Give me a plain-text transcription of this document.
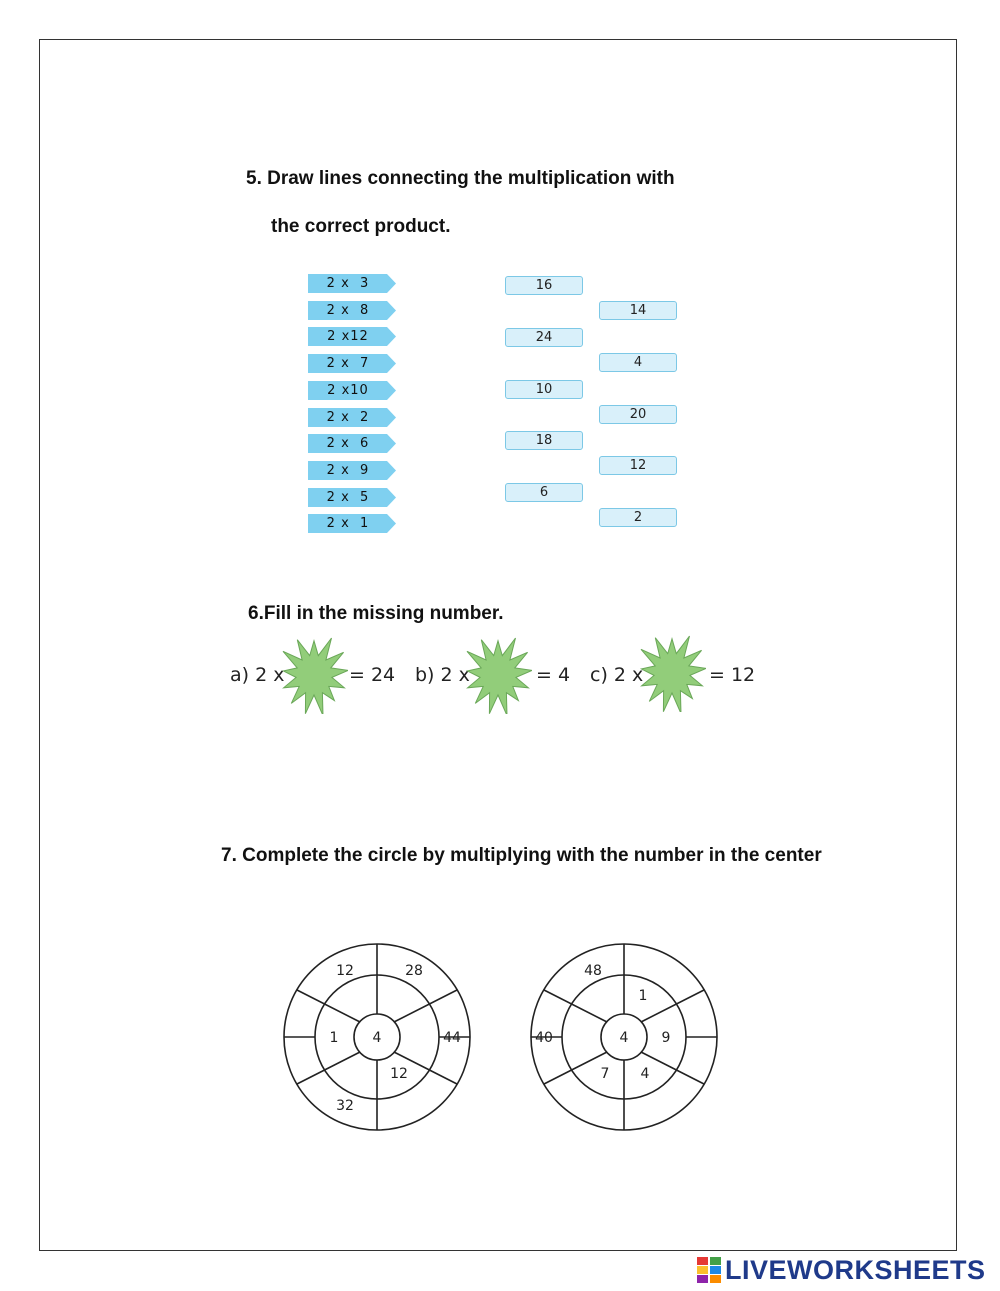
5. Draw lines connecting the multiplication with
the correct product.
2 x  3
2 x  8
2 x12
2 x  7
2 x10
2 x  2
2 x  6
2 x  9
2 x  5
2 x  1
16
24
10
18
6
14
4
20
12
2
6.Fill in the missing number.
a) 2 x	= 24 b) 2 x	= 4 c) 2 x	= 12
7. Complete the circle by multiplying with the number in the center
4
1
12
12	28
44
32
4
1
9
7 4
48
40
LIVEWORKSHEETS
